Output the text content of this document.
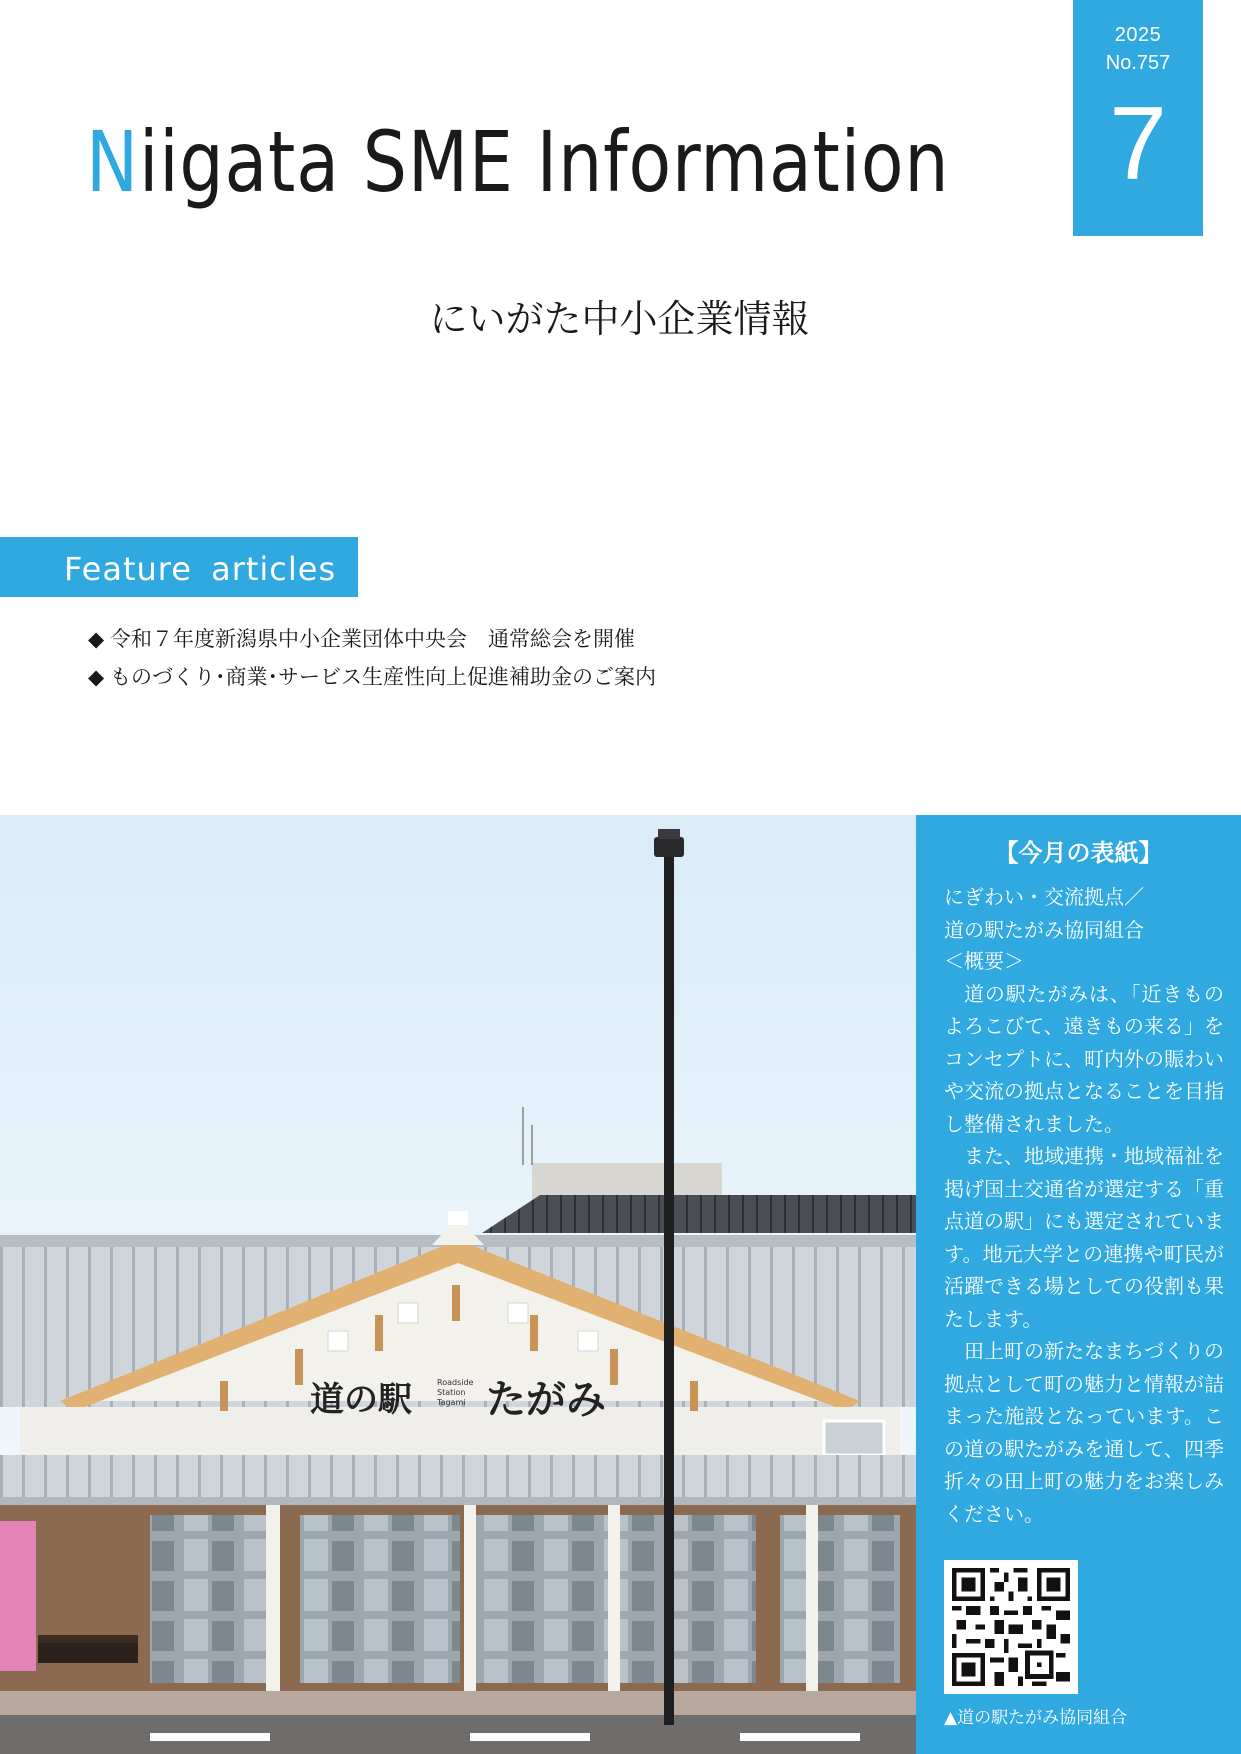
2025
No.757
7
Niigata SME Information
にいがた中小企業情報
Feature articles
◆ 令和７年度新潟県中小企業団体中央会　通常総会を開催
◆ ものづくり･商業･サービス生産性向上促進補助金のご案内
道の駅	Roadside
Station
Tagami たがみ
【今月の表紙】
にぎわい・交流拠点／
道の駅たがみ協同組合

＜概要＞

道の駅たがみは、「近きものよろこびて、遠きもの来る」をコンセプトに、町内外の賑わいや交流の拠点となることを目指し整備されました。

また、地域連携・地域福祉を掲げ国土交通省が選定する「重点道の駅」にも選定されています。地元大学との連携や町民が活躍できる場としての役割も果たします。

田上町の新たなまちづくりの拠点として町の魅力と情報が詰まった施設となっています。この道の駅たがみを通して、四季折々の田上町の魅力をお楽しみください。

▲道の駅たがみ協同組合
